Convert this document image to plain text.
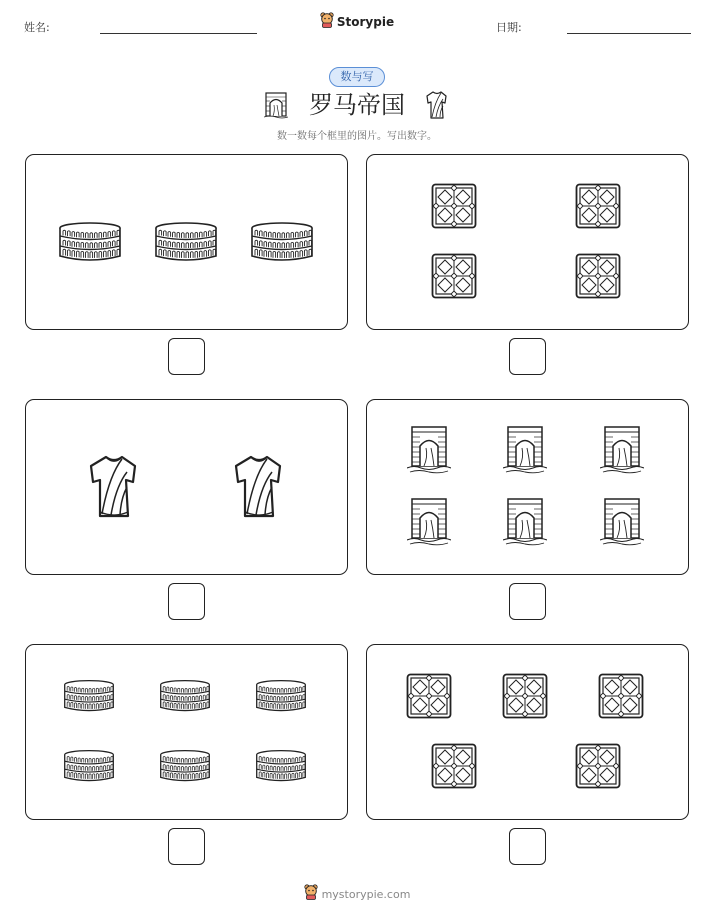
姓名:	日期:
Storypie
数与写
罗马帝国
数一数每个框里的图片。写出数字。
mystorypie.com
